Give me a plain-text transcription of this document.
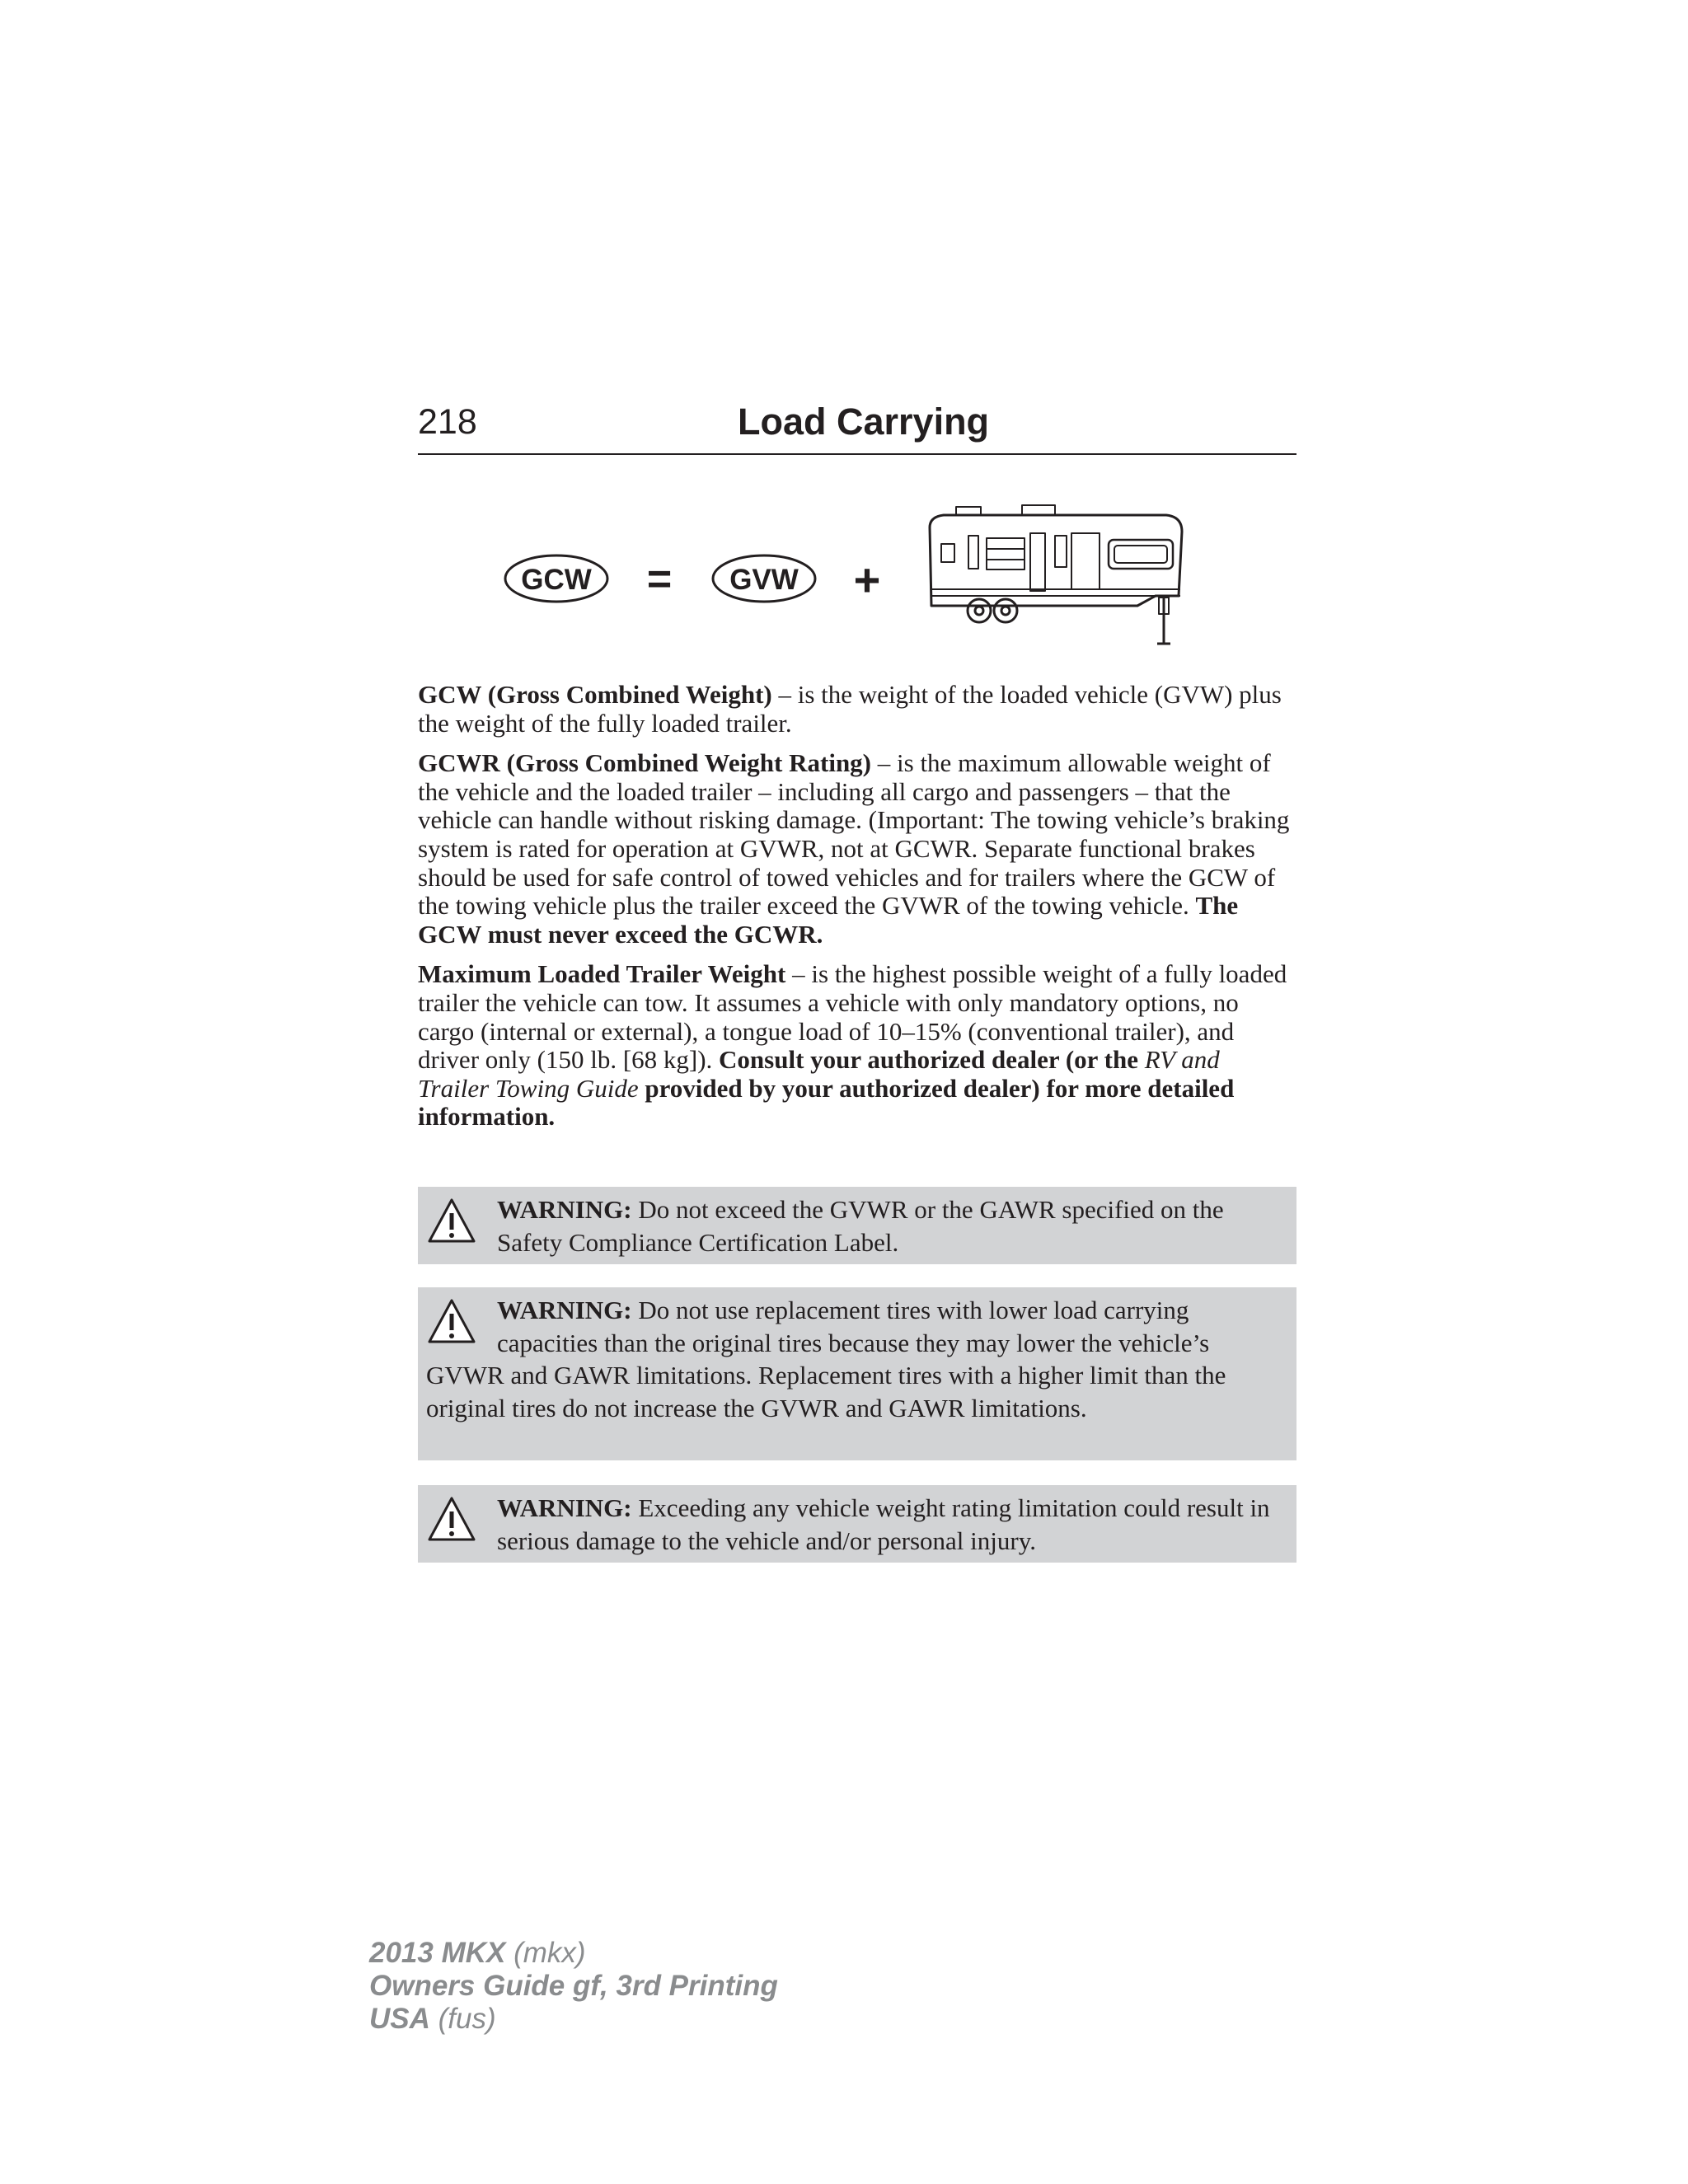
218	Load Carrying
GCW = GVW +

GCW (Gross Combined Weight) – is the weight of the loaded vehicle (GVW) plus the weight of the fully loaded trailer.

GCWR (Gross Combined Weight Rating) – is the maximum allowable weight of the vehicle and the loaded trailer – including all cargo and passengers – that the vehicle can handle without risking damage. (Important: The towing vehicle’s braking system is rated for operation at GVWR, not at GCWR. Separate functional brakes should be used for safe control of towed vehicles and for trailers where the GCW of the towing vehicle plus the trailer exceed the GVWR of the towing vehicle. The GCW must never exceed the GCWR.

Maximum Loaded Trailer Weight – is the highest possible weight of a fully loaded trailer the vehicle can tow. It assumes a vehicle with only mandatory options, no cargo (internal or external), a tongue load of 10–15% (conventional trailer), and driver only (150 lb. [68 kg]). Consult your authorized dealer (or the RV and Trailer Towing Guide provided by your authorized dealer) for more detailed information.

WARNING: Do not exceed the GVWR or the GAWR specified on the Safety Compliance Certification Label.
WARNING: Do not use replacement tires with lower load carrying capacities than the original tires because they may lower the vehicle’s GVWR and GAWR limitations. Replacement tires with a higher limit than the original tires do not increase the GVWR and GAWR limitations.
WARNING: Exceeding any vehicle weight rating limitation could result in serious damage to the vehicle and/or personal injury.
2013 MKX (mkx)
Owners Guide gf, 3rd Printing
USA (fus)
